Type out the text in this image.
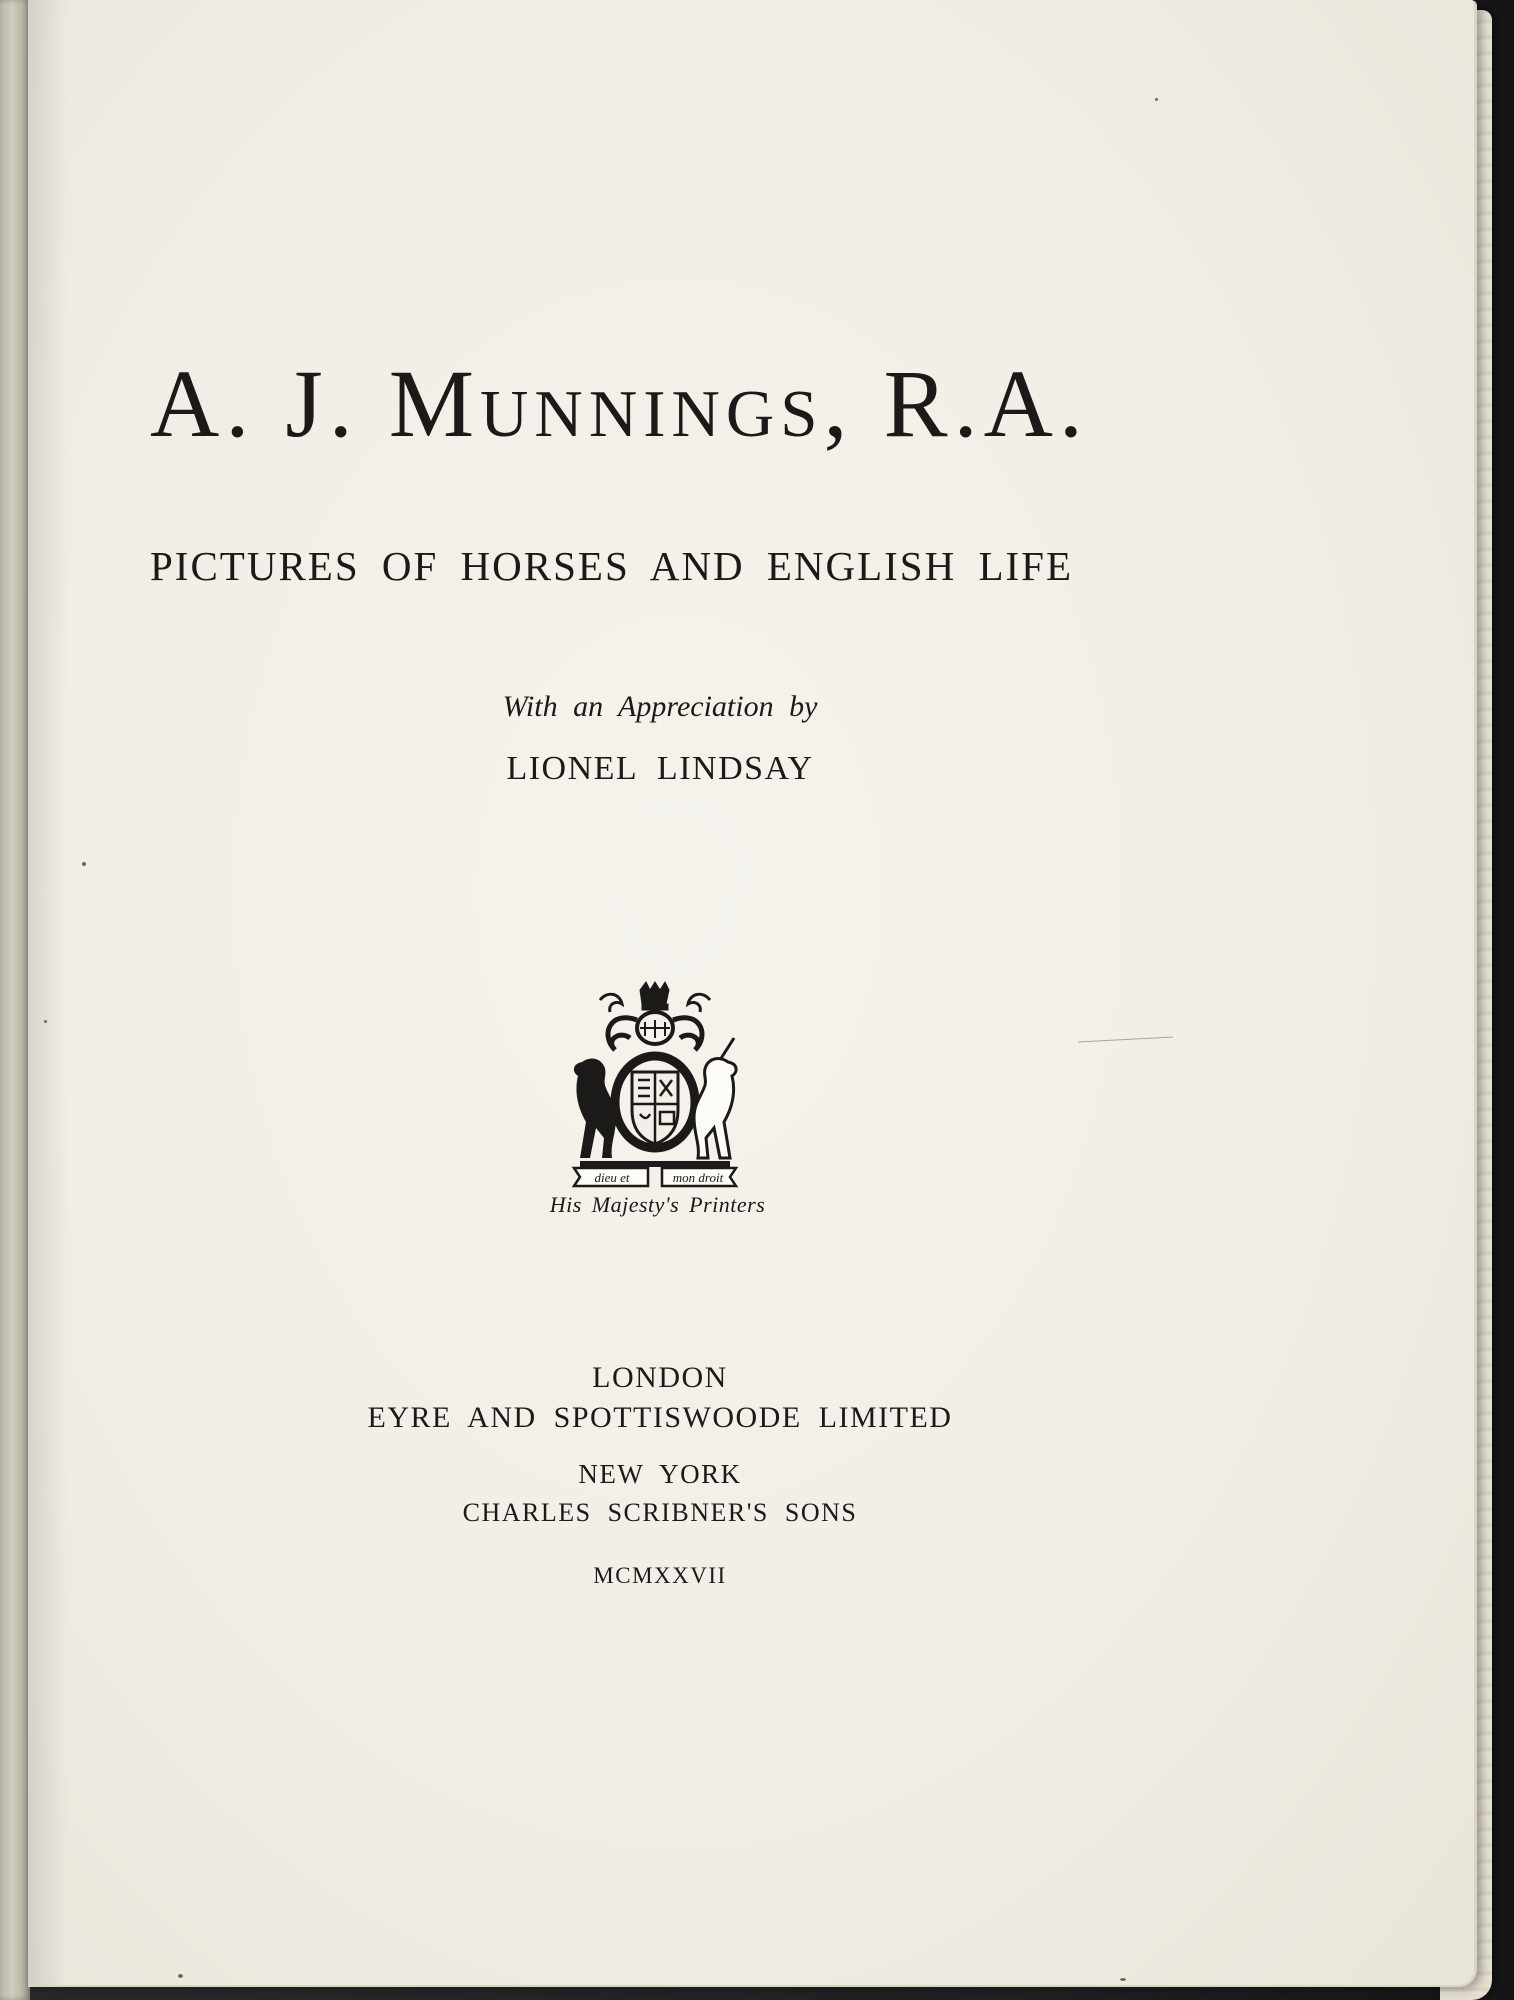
A. J. Munnings, R.A.
PICTURES OF HORSES AND ENGLISH LIFE
With an Appreciation by
LIONEL LINDSAY
dieu et	mon droit
His Majesty's Printers
LONDON
EYRE AND SPOTTISWOODE LIMITED
NEW YORK
CHARLES SCRIBNER'S SONS
MCMXXVII
